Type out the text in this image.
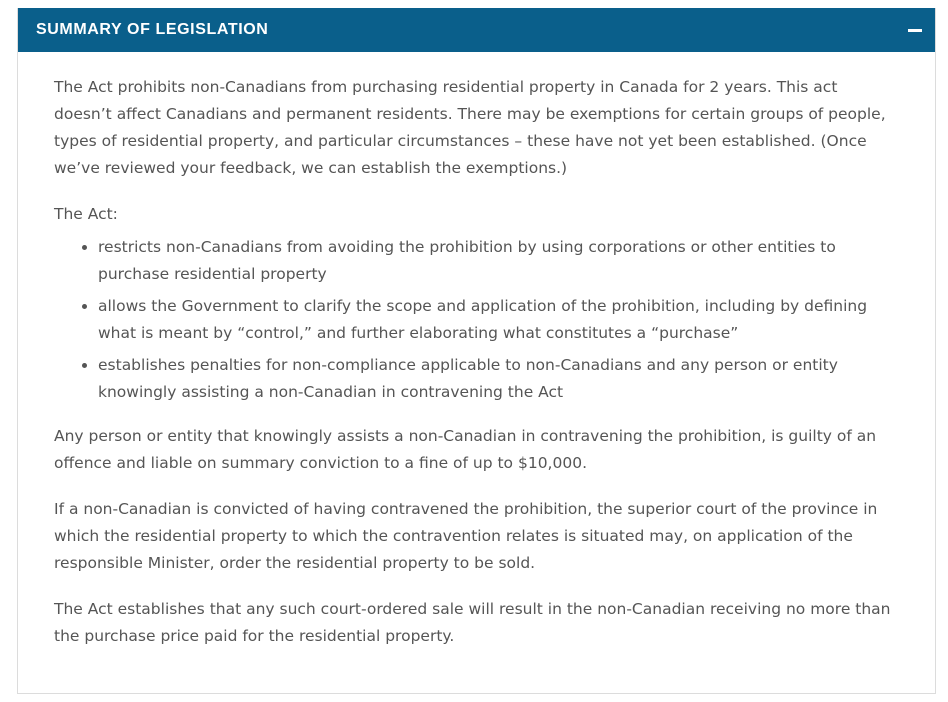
SUMMARY OF LEGISLATION

The Act prohibits non-Canadians from purchasing residential property in Canada for 2 years. This act doesn’t affect Canadians and permanent residents. There may be exemptions for certain groups of people, types of residential property, and particular circumstances – these have not yet been established. (Once we’ve reviewed your feedback, we can establish the exemptions.)

The Act:

• restricts non-Canadians from avoiding the prohibition by using corporations or other entities to purchase residential property
• allows the Government to clarify the scope and application of the prohibition, including by defining what is meant by “control,” and further elaborating what constitutes a “purchase”
• establishes penalties for non-compliance applicable to non-Canadians and any person or entity knowingly assisting a non-Canadian in contravening the Act

Any person or entity that knowingly assists a non-Canadian in contravening the prohibition, is guilty of an offence and liable on summary conviction to a fine of up to $10,000.

If a non-Canadian is convicted of having contravened the prohibition, the superior court of the province in which the residential property to which the contravention relates is situated may, on application of the responsible Minister, order the residential property to be sold.

The Act establishes that any such court-ordered sale will result in the non-Canadian receiving no more than the purchase price paid for the residential property.
